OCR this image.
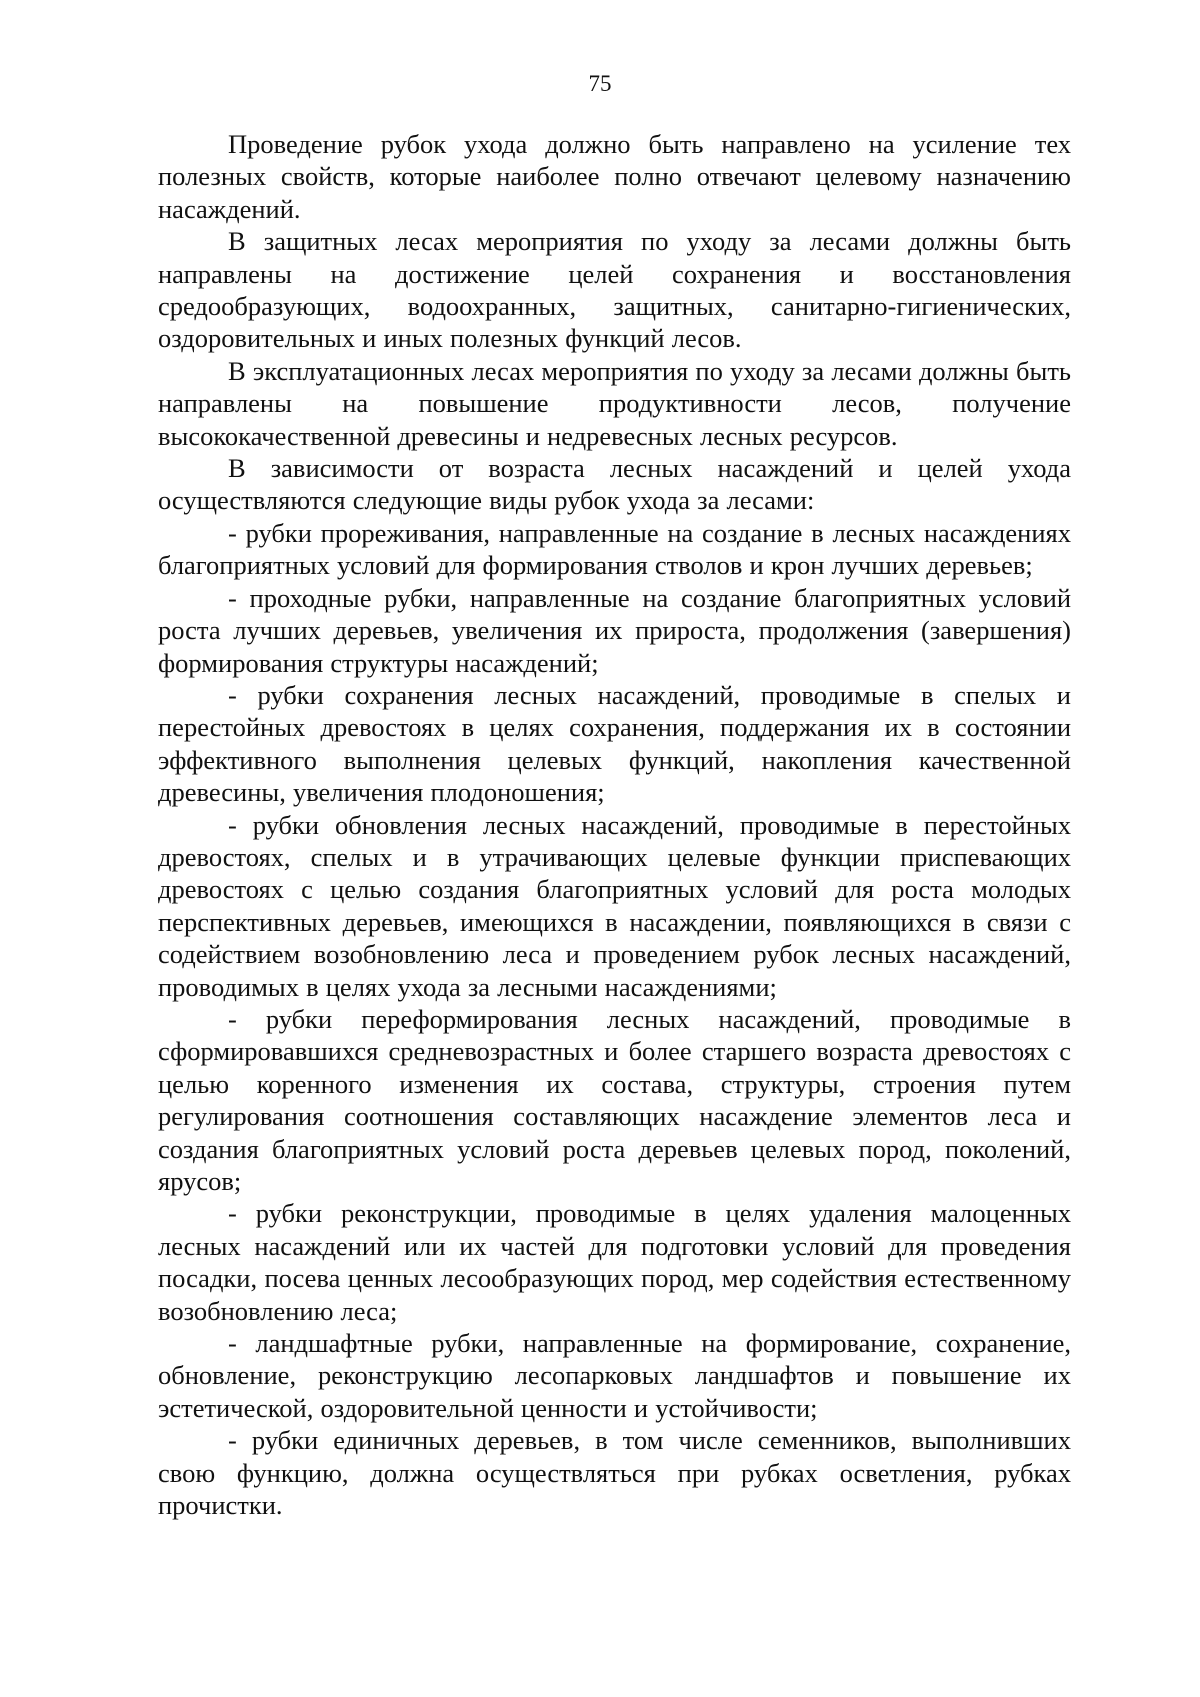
75

Проведение рубок ухода должно быть направлено на усиление тех полезных свойств, которые наиболее полно отвечают целевому назначению насаждений.

В защитных лесах мероприятия по уходу за лесами должны быть направлены на достижение целей сохранения и восстановления средообразующих, водоохранных, защитных, санитарно-гигиенических, оздоровительных и иных полезных функций лесов.

В эксплуатационных лесах мероприятия по уходу за лесами должны быть направлены на повышение продуктивности лесов, получение высококачественной древесины и недревесных лесных ресурсов.

В зависимости от возраста лесных насаждений и целей ухода осуществляются следующие виды рубок ухода за лесами:

- рубки прореживания, направленные на создание в лесных насаждениях благоприятных условий для формирования стволов и крон лучших деревьев;

- проходные рубки, направленные на создание благоприятных условий роста лучших деревьев, увеличения их прироста, продолжения (завершения) формирования структуры насаждений;

- рубки сохранения лесных насаждений, проводимые в спелых и перестойных древостоях в целях сохранения, поддержания их в состоянии эффективного выполнения целевых функций, накопления качественной древесины, увеличения плодоношения;

- рубки обновления лесных насаждений, проводимые в перестойных древостоях, спелых и в утрачивающих целевые функции приспевающих древостоях с целью создания благоприятных условий для роста молодых перспективных деревьев, имеющихся в насаждении, появляющихся в связи с содействием возобновлению леса и проведением рубок лесных насаждений, проводимых в целях ухода за лесными насаждениями;

- рубки переформирования лесных насаждений, проводимые в сформировавшихся средневозрастных и более старшего возраста древостоях с целью коренного изменения их состава, структуры, строения путем регулирования соотношения составляющих насаждение элементов леса и создания благоприятных условий роста деревьев целевых пород, поколений, ярусов;

- рубки реконструкции, проводимые в целях удаления малоценных лесных насаждений или их частей для подготовки условий для проведения посадки, посева ценных лесообразующих пород, мер содействия естественному возобновлению леса;

- ландшафтные рубки, направленные на формирование, сохранение, обновление, реконструкцию лесопарковых ландшафтов и повышение их эстетической, оздоровительной ценности и устойчивости;

- рубки единичных деревьев, в том числе семенников, выполнивших свою функцию, должна осуществляться при рубках осветления, рубках прочистки.
